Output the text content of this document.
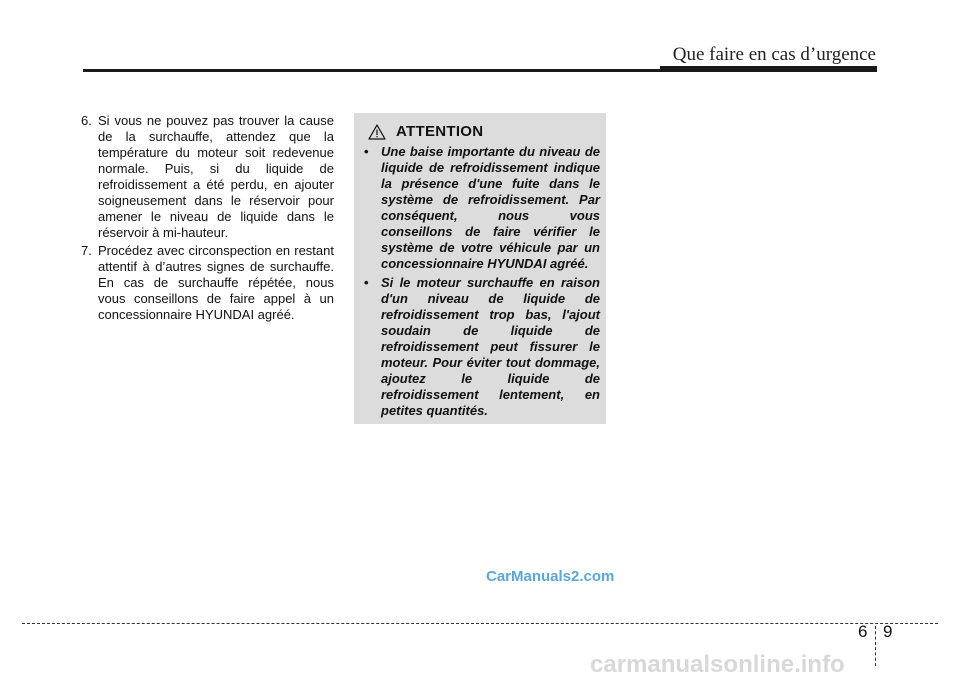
Que faire en cas d’urgence

6. Si vous ne pouvez pas trouver la cause de la surchauffe, attendez que la température du moteur soit redevenue normale. Puis, si du liquide de refroidissement a été perdu, en ajouter soigneusement dans le réservoir pour amener le niveau de liquide dans le réservoir à mi-hauteur.

7. Procédez avec circonspection en restant attentif à d’autres signes de surchauffe. En cas de surchauffe répétée, nous vous conseillons de faire appel à un concessionnaire HYUNDAI agréé.

ATTENTION

• Une baise importante du niveau de liquide de refroidissement indique la présence d'une fuite dans le système de refroidissement. Par conséquent, nous vous conseillons de faire vérifier le système de votre véhicule par un concessionnaire HYUNDAI agréé.

• Si le moteur surchauffe en raison d'un niveau de liquide de refroidissement trop bas, l'ajout soudain de liquide de refroidissement peut fissurer le moteur. Pour éviter tout dommage, ajoutez le liquide de refroidissement lentement, en petites quantités.

CarManuals2.com
6 9
carmanualsonline.info
